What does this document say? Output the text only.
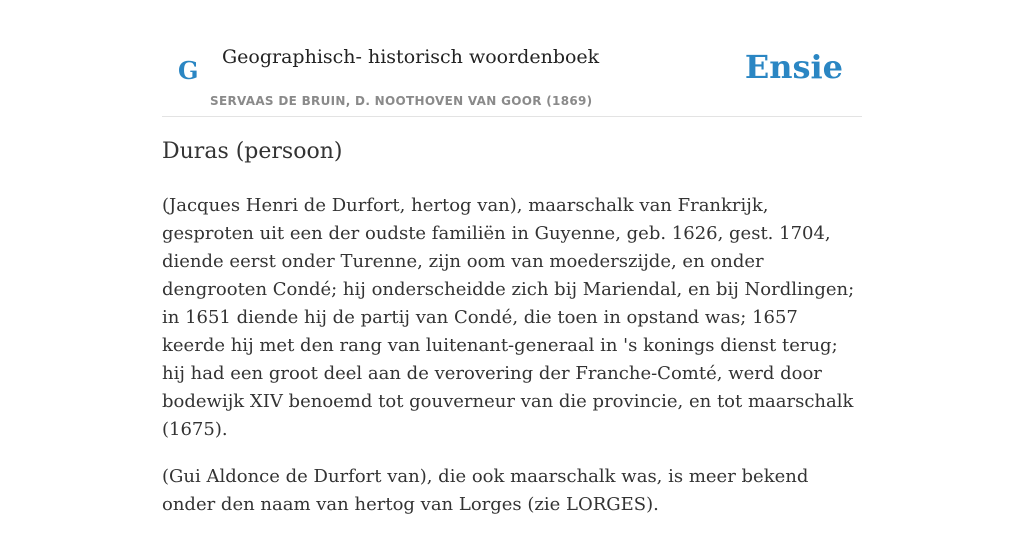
G Geographisch- historisch woordenboek
SERVAAS DE BRUIN, D. NOOTHOVEN VAN GOOR (1869)
Ensie
Duras (persoon)

(Jacques Henri de Durfort, hertog van), maarschalk van Frankrijk, gesproten uit een der oudste familiën in Guyenne, geb. 1626, gest. 1704, diende eerst onder Turenne, zijn oom van moederszijde, en onder dengrooten Condé; hij onderscheidde zich bij Mariendal, en bij Nordlingen; in 1651 diende hij de partij van Condé, die toen in opstand was; 1657 keerde hij met den rang van luitenant-generaal in 's konings dienst terug; hij had een groot deel aan de verovering der Franche-Comté, werd door bodewijk XIV benoemd tot gouverneur van die provincie, en tot maarschalk (1675).

(Gui Aldonce de Durfort van), die ook maarschalk was, is meer bekend onder den naam van hertog van Lorges (zie LORGES).
